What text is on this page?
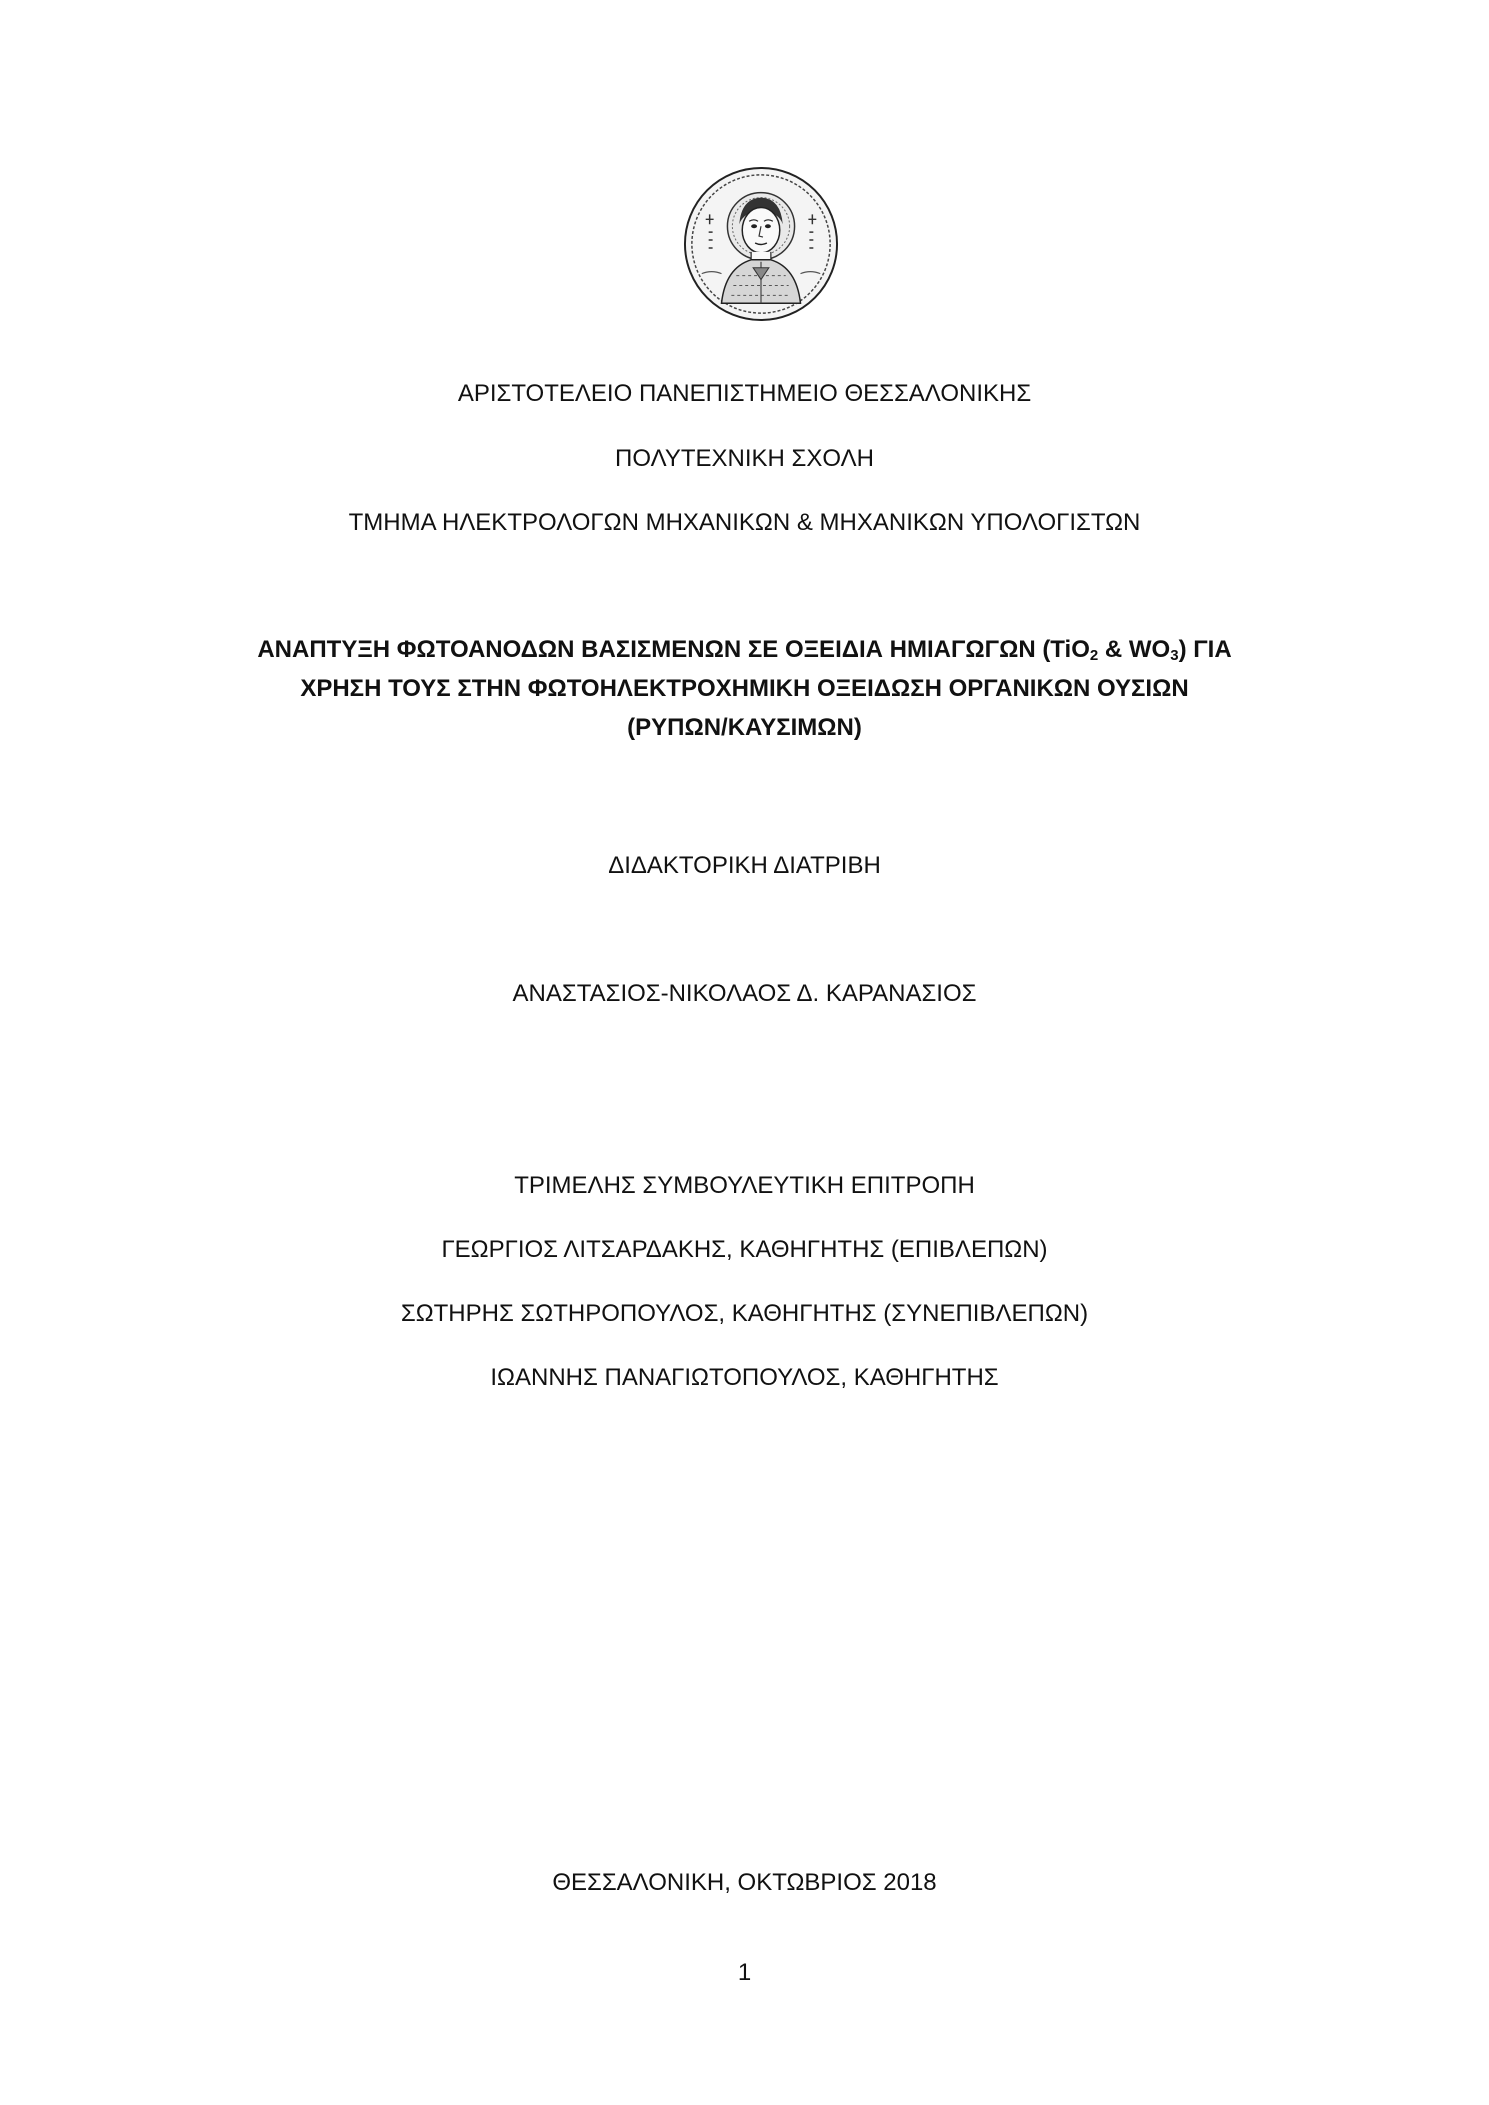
ΑΡΙΣΤΟΤΕΛΕΙΟ ΠΑΝΕΠΙΣΤΗΜΕΙΟ ΘΕΣΣΑΛΟΝΙΚΗΣ
ΠΟΛΥΤΕΧΝΙΚΗ ΣΧΟΛΗ
ΤΜΗΜΑ ΗΛΕΚΤΡΟΛΟΓΩΝ ΜΗΧΑΝΙΚΩΝ & ΜΗΧΑΝΙΚΩΝ ΥΠΟΛΟΓΙΣΤΩΝ
ΑΝΑΠΤΥΞΗ ΦΩΤΟΑΝΟΔΩΝ ΒΑΣΙΣΜΕΝΩΝ ΣΕ ΟΞΕΙΔΙΑ ΗΜΙΑΓΩΓΩΝ (TiO$_2$ & $WO_3$) ΓΙΑ
ΧΡΗΣΗ ΤΟΥΣ ΣΤΗΝ ΦΩΤΟΗΛΕΚΤΡΟΧΗΜΙΚΗ ΟΞΕΙΔΩΣΗ ΟΡΓΑΝΙΚΩΝ ΟΥΣΙΩΝ
(ΡΥΠΩΝ/ΚΑΥΣΙΜΩΝ)
ΔΙΔΑΚΤΟΡΙΚΗ ΔΙΑΤΡΙΒΗ
ΑΝΑΣΤΑΣΙΟΣ-ΝΙΚΟΛΑΟΣ Δ. ΚΑΡΑΝΑΣΙΟΣ
ΤΡΙΜΕΛΗΣ ΣΥΜΒΟΥΛΕΥΤΙΚΗ ΕΠΙΤΡΟΠΗ
ΓΕΩΡΓΙΟΣ ΛΙΤΣΑΡΔΑΚΗΣ, ΚΑΘΗΓΗΤΗΣ (ΕΠΙΒΛΕΠΩΝ)
ΣΩΤΗΡΗΣ ΣΩΤΗΡΟΠΟΥΛΟΣ, ΚΑΘΗΓΗΤΗΣ (ΣΥΝΕΠΙΒΛΕΠΩΝ)
ΙΩΑΝΝΗΣ ΠΑΝΑΓΙΩΤΟΠΟΥΛΟΣ, ΚΑΘΗΓΗΤΗΣ
ΘΕΣΣΑΛΟΝΙΚΗ, ΟΚΤΩΒΡΙΟΣ 2018
1
